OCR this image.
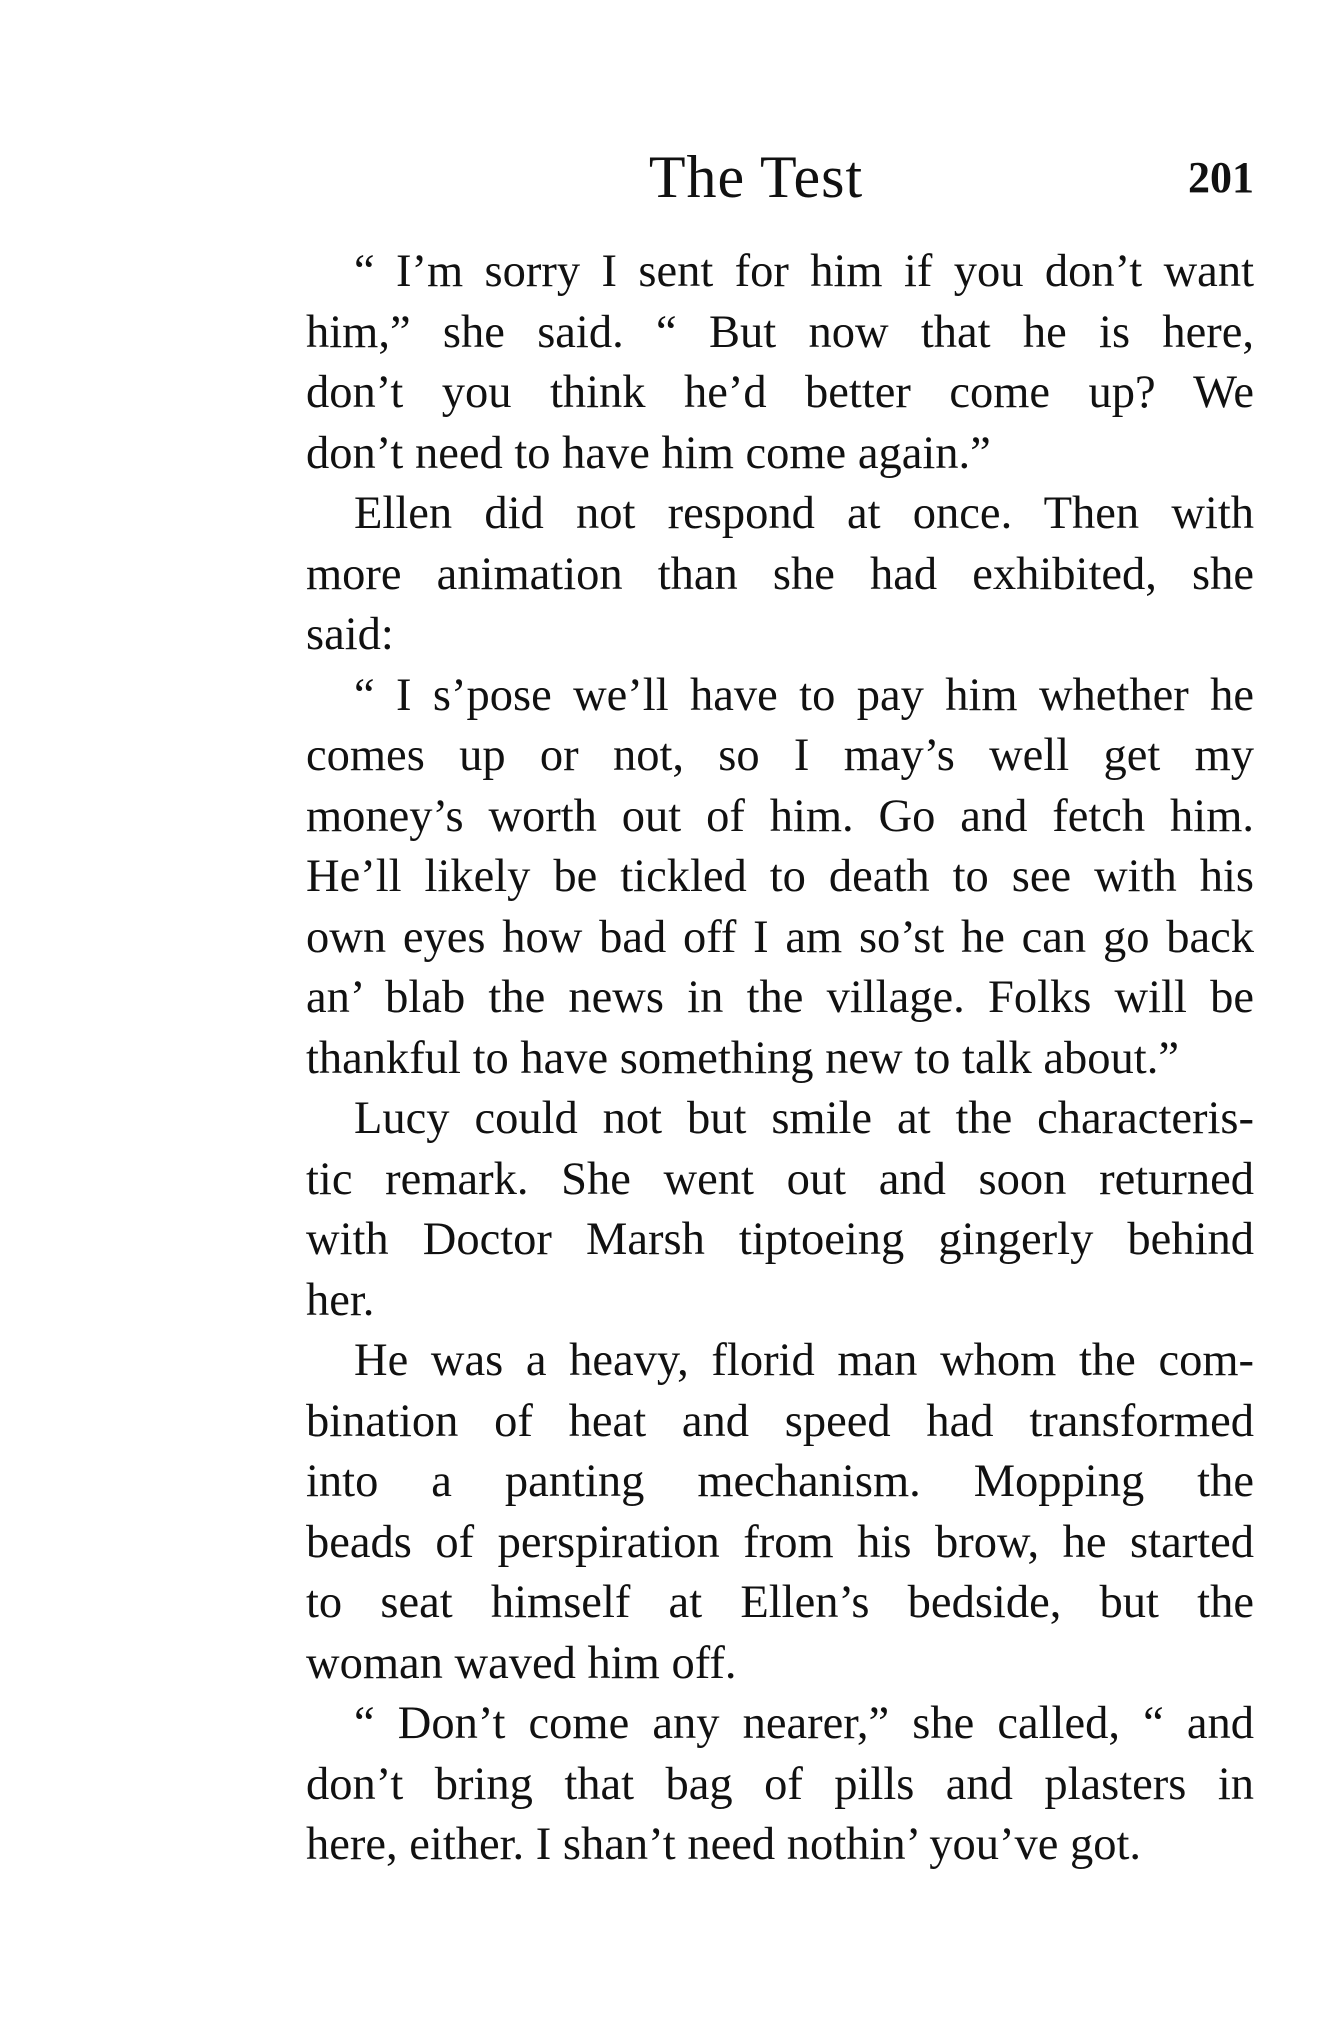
The Test	201
“ I’m sorry I sent for him if you don’t want
him,” she said. “ But now that he is here,
don’t you think he’d better come up? We
don’t need to have him come again.”
Ellen did not respond at once. Then with
more animation than she had exhibited, she
said:
“ I s’pose we’ll have to pay him whether he
comes up or not, so I may’s well get my
money’s worth out of him. Go and fetch him.
He’ll likely be tickled to death to see with his
own eyes how bad off I am so’st he can go back
an’ blab the news in the village. Folks will be
thankful to have something new to talk about.”
Lucy could not but smile at the characteris-
tic remark. She went out and soon returned
with Doctor Marsh tiptoeing gingerly behind
her.
He was a heavy, florid man whom the com-
bination of heat and speed had transformed
into a panting mechanism. Mopping the
beads of perspiration from his brow, he started
to seat himself at Ellen’s bedside, but the
woman waved him off.
“ Don’t come any nearer,” she called, “ and
don’t bring that bag of pills and plasters in
here, either. I shan’t need nothin’ you’ve got.
